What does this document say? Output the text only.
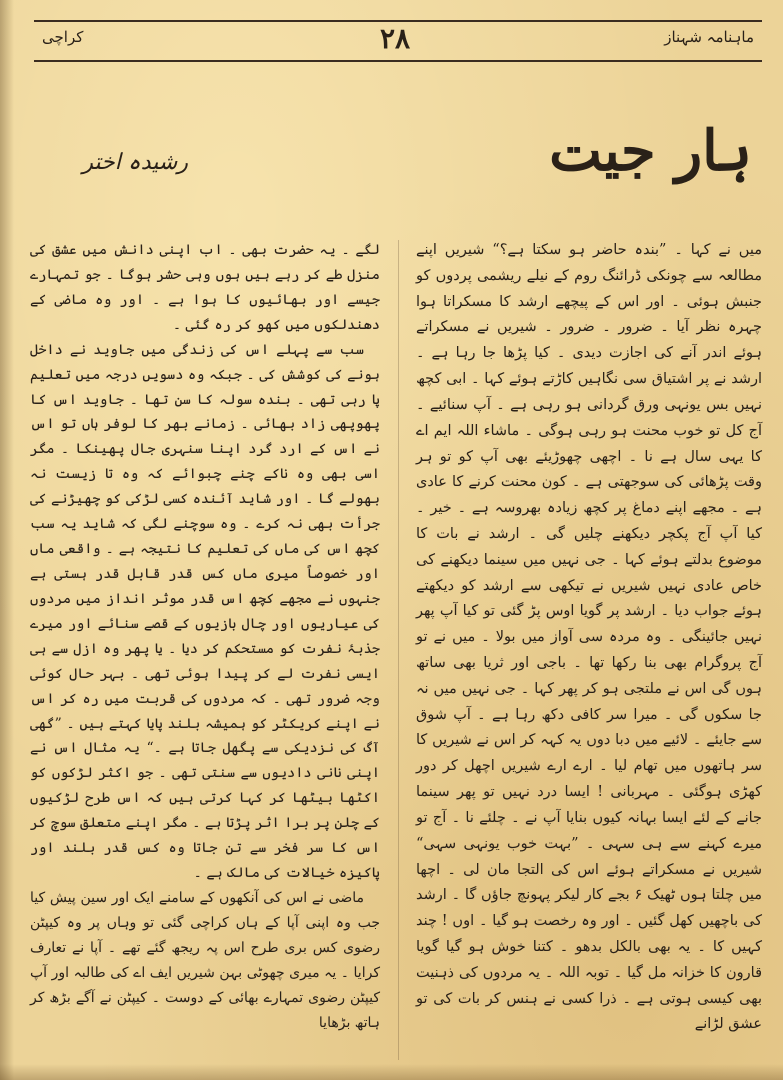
ماہنامہ شہناز
۲۸
کراچی
ہار جیت
رشیدہ اختر

میں نے کہا ۔ ”بندہ حاضر ہو سکتا ہے؟“ شیریں اپنے مطالعہ سے چونکی ڈرائنگ روم کے نیلے ریشمی پردوں کو جنبش ہوئی ۔ اور اس کے پیچھے ارشد کا مسکراتا ہوا چہرہ نظر آیا ۔ ضرور ۔ ضرور ۔ شیریں نے مسکراتے ہوئے اندر آنے کی اجازت دیدی ۔ کیا پڑھا جا رہا ہے ۔ ارشد نے پر اشتیاق سی نگاہیں کاڑتے ہوئے کہا ۔ ابی کچھ نہیں بس یونہی ورق گردانی ہو رہی ہے ۔ آپ سنائیے ۔ آج کل تو خوب محنت ہو رہی ہوگی ۔ ماشاء اللہ ایم اے کا یہی سال ہے نا ۔ اچھی چھوڑیئے بھی آپ کو تو ہر وقت پڑھائی کی سوجھتی ہے ۔ کون محنت کرنے کا عادی ہے ۔ مجھے اپنے دماغ پر کچھ زیادہ بھروسہ ہے ۔ خیر ۔ کیا آپ آج پکچر دیکھنے چلیں گی ۔ ارشد نے بات کا موضوع بدلتے ہوئے کہا ۔ جی نہیں میں سینما دیکھنے کی خاص عادی نہیں شیریں نے تیکھی سے ارشد کو دیکھتے ہوئے جواب دیا ۔ ارشد پر گویا اوس پڑ گئی تو کیا آپ پھر نہیں جائینگی ۔ وہ مردہ سی آواز میں بولا ۔ میں نے تو آج پروگرام بھی بنا رکھا تھا ۔ باجی اور ثریا بھی ساتھ ہوں گی اس نے ملتجی ہو کر پھر کہا ۔ جی نہیں میں نہ جا سکوں گی ۔ میرا سر کافی دکھ رہا ہے ۔ آپ شوق سے جایئے ۔ لائیے میں دبا دوں یہ کہہ کر اس نے شیریں کا سر ہاتھوں میں تھام لیا ۔ ارے ارے شیریں اچھل کر دور کھڑی ہوگئی ۔ مہربانی ! ایسا درد نہیں تو پھر سینما جانے کے لئے ایسا بہانہ کیوں بنایا آپ نے ۔ چلئے نا ۔ آج تو میرے کہنے سے ہی سہی ۔ ”بہت خوب یونہی سہی“ شیریں نے مسکراتے ہوئے اس کی التجا مان لی ۔ اچھا میں چلتا ہوں ٹھیک ۶ بجے کار لیکر پہونچ جاؤں گا ۔ ارشد کی باچھیں کھل گئیں ۔ اور وہ رخصت ہو گیا ۔ اوں ! چند کہیں کا ۔ یہ بھی بالکل بدھو ۔ کتنا خوش ہو گیا گویا قارون کا خزانہ مل گیا ۔ توبہ اللہ ۔ یہ مردوں کی ذہنیت بھی کیسی ہوتی ہے ۔ ذرا کسی نے ہنس کر بات کی تو عشق لڑانے

لگے ۔ یہ حضرت بھی ۔ اب اپنی دانش میں عشق کی منزل طے کر رہے ہیں ہوں وہی حشر ہوگا ۔ جو تمہارے جیسے اور بھائیوں کا ہوا ہے ۔ اور وہ ماضی کے دھندلکوں میں کھو کر رہ گئی ۔

سب سے پہلے اس کی زندگی میں جاوید نے داخل ہونے کی کوشش کی ۔ جبکہ وہ دسویں درجہ میں تعلیم پا رہی تھی ۔ بندہ سولہ کا سن تھا ۔ جاوید اس کا پھوپھی زاد بھائی ۔ زمانے بھر کا لوفر ہاں تو اس نے اس کے ارد گرد اپنا سنہری جال پھینکا ۔ مگر اسی بھی وہ ناکے چنے چبوائے کہ وہ تا زیست نہ بھولے گا ۔ اور شاید آئندہ کسی لڑکی کو چھیڑنے کی جرأت بھی نہ کرے ۔ وہ سوچنے لگی کہ شاید یہ سب کچھ اس کی ماں کی تعلیم کا نتیجہ ہے ۔ واقعی ماں اور خصوصاً میری ماں کس قدر قابل قدر ہستی ہے جنہوں نے مجھے کچھ اس قدر موثر انداز میں مردوں کی عیاریوں اور چال بازیوں کے قصے سنائے اور میرے جذبۂ نفرت کو مستحکم کر دیا ۔ یا پھر وہ ازل سے ہی ایسی نفرت لے کر پیدا ہوئی تھی ۔ بہر حال کوئی وجہ ضرور تھی ۔ کہ مردوں کی قربت میں رہ کر اس نے اپنے کریکٹر کو ہمیشہ بلند پایا کہتے ہیں ۔ ”گھی آگ کی نزدیکی سے پگھل جاتا ہے ۔“ یہ مثال اس نے اپنی نانی دادیوں سے سنتی تھی ۔ جو اکثر لڑکوں کو اکٹھا بیٹھا کر کہا کرتی ہیں کہ اس طرح لڑکیوں کے چلن پر برا اثر پڑتا ہے ۔ مگر اپنے متعلق سوچ کر اس کا سر فخر سے تن جاتا وہ کس قدر بلند اور پاکیزہ خیالات کی مالک ہے ۔

ماضی نے اس کی آنکھوں کے سامنے ایک اور سین پیش کیا جب وہ اپنی آپا کے ہاں کراچی گئی تو وہاں پر وہ کیپٹن رضوی کس بری طرح اس پہ ریجھ گئے تھے ۔ آپا نے تعارف کرایا ۔ یہ میری چھوٹی بہن شیریں ایف اے کی طالبہ اور آپ کیپٹن رضوی تمہارے بھائی کے دوست ۔ کیپٹن نے آگے بڑھ کر ہاتھ بڑھایا
